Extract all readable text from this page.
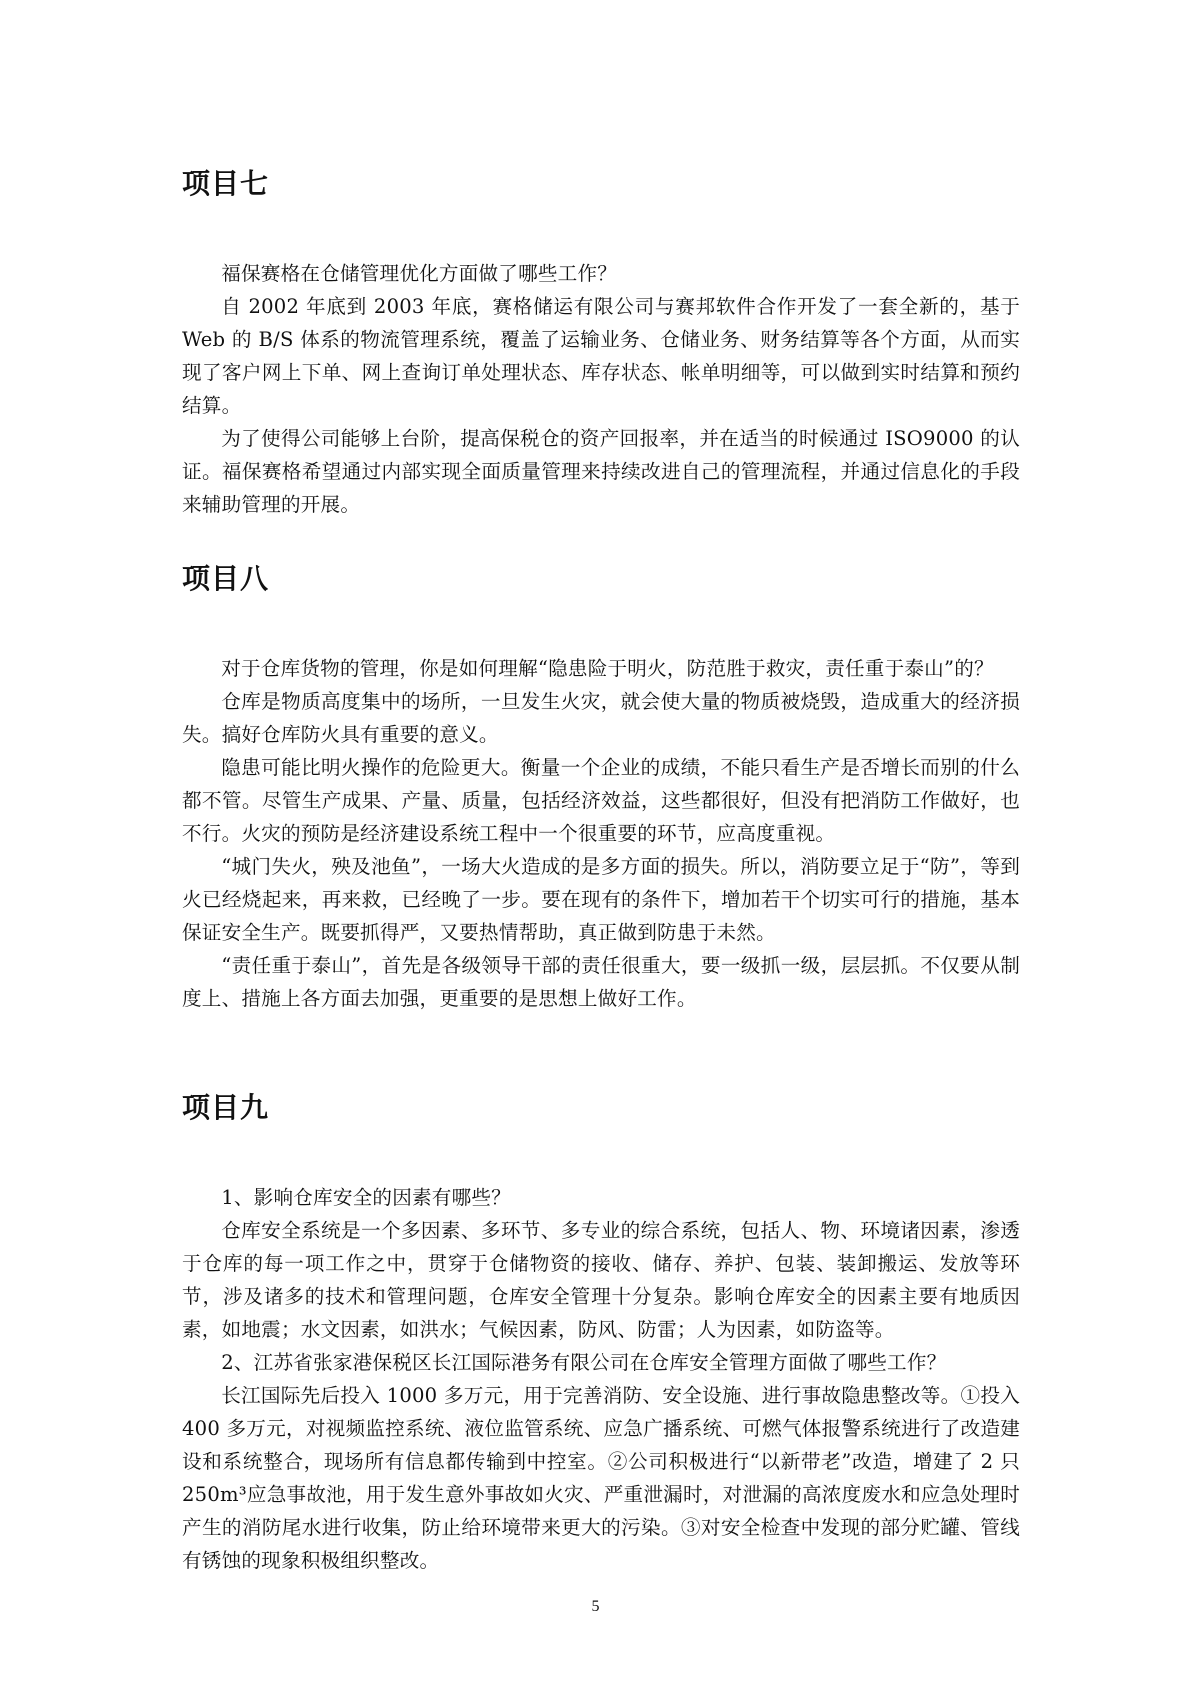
项目七

福保赛格在仓储管理优化方面做了哪些工作？

自 2002 年底到 2003 年底，赛格储运有限公司与赛邦软件合作开发了一套全新的，基于 Web 的 B/S 体系的物流管理系统，覆盖了运输业务、仓储业务、财务结算等各个方面，从而实现了客户网上下单、网上查询订单处理状态、库存状态、帐单明细等，可以做到实时结算和预约结算。

为了使得公司能够上台阶，提高保税仓的资产回报率，并在适当的时候通过 ISO9000 的认证。福保赛格希望通过内部实现全面质量管理来持续改进自己的管理流程，并通过信息化的手段来辅助管理的开展。

项目八

对于仓库货物的管理，你是如何理解“隐患险于明火，防范胜于救灾，责任重于泰山”的？

仓库是物质高度集中的场所，一旦发生火灾，就会使大量的物质被烧毁，造成重大的经济损失。搞好仓库防火具有重要的意义。

隐患可能比明火操作的危险更大。衡量一个企业的成绩，不能只看生产是否增长而别的什么都不管。尽管生产成果、产量、质量，包括经济效益，这些都很好，但没有把消防工作做好，也不行。火灾的预防是经济建设系统工程中一个很重要的环节，应高度重视。

“城门失火，殃及池鱼”，一场大火造成的是多方面的损失。所以，消防要立足于“防”，等到火已经烧起来，再来救，已经晚了一步。要在现有的条件下，增加若干个切实可行的措施，基本保证安全生产。既要抓得严，又要热情帮助，真正做到防患于未然。

“责任重于泰山”，首先是各级领导干部的责任很重大，要一级抓一级，层层抓。不仅要从制度上、措施上各方面去加强，更重要的是思想上做好工作。

项目九

1、影响仓库安全的因素有哪些？

仓库安全系统是一个多因素、多环节、多专业的综合系统，包括人、物、环境诸因素，渗透于仓库的每一项工作之中，贯穿于仓储物资的接收、储存、养护、包装、装卸搬运、发放等环节，涉及诸多的技术和管理问题，仓库安全管理十分复杂。影响仓库安全的因素主要有地质因素，如地震；水文因素，如洪水；气候因素，防风、防雷；人为因素，如防盗等。

2、江苏省张家港保税区长江国际港务有限公司在仓库安全管理方面做了哪些工作？

长江国际先后投入 1000 多万元，用于完善消防、安全设施、进行事故隐患整改等。①投入 400 多万元，对视频监控系统、液位监管系统、应急广播系统、可燃气体报警系统进行了改造建设和系统整合，现场所有信息都传输到中控室。②公司积极进行“以新带老”改造，增建了 2 只 250m³应急事故池，用于发生意外事故如火灾、严重泄漏时，对泄漏的高浓度废水和应急处理时产生的消防尾水进行收集，防止给环境带来更大的污染。③对安全检查中发现的部分贮罐、管线有锈蚀的现象积极组织整改。

5
